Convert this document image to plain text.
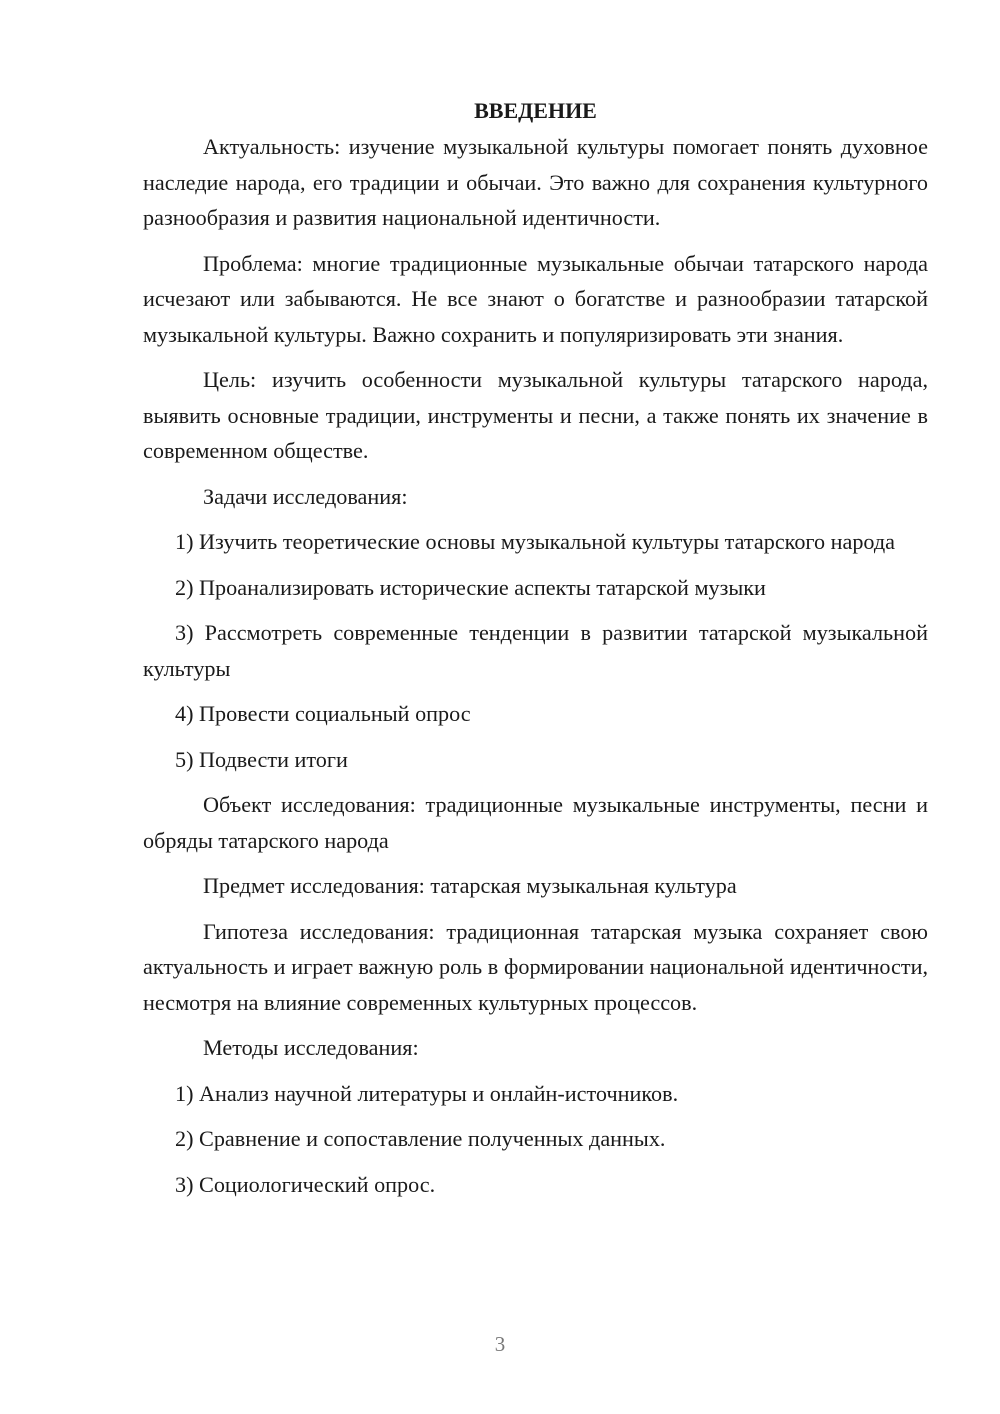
ВВЕДЕНИЕ

Актуальность: изучение музыкальной культуры помогает понять духовное наследие народа, его традиции и обычаи. Это важно для сохранения культурного разнообразия и развития национальной идентичности.

Проблема: многие традиционные музыкальные обычаи татарского народа исчезают или забываются. Не все знают о богатстве и разнообразии татарской музыкальной культуры. Важно сохранить и популяризировать эти знания.

Цель: изучить особенности музыкальной культуры татарского народа, выявить основные традиции, инструменты и песни, а также понять их значение в современном обществе.

Задачи исследования:

1) Изучить теоретические основы музыкальной культуры татарского народа

2) Проанализировать исторические аспекты татарской музыки

3) Рассмотреть современные тенденции в развитии татарской музыкальной культуры

4) Провести социальный опрос

5) Подвести итоги

Объект исследования: традиционные музыкальные инструменты, песни и обряды татарского народа

Предмет исследования: татарская музыкальная культура

Гипотеза исследования: традиционная татарская музыка сохраняет свою актуальность и играет важную роль в формировании национальной идентичности, несмотря на влияние современных культурных процессов.

Методы исследования:

1) Анализ научной литературы и онлайн-источников.

2) Сравнение и сопоставление полученных данных.

3) Социологический опрос.

3
